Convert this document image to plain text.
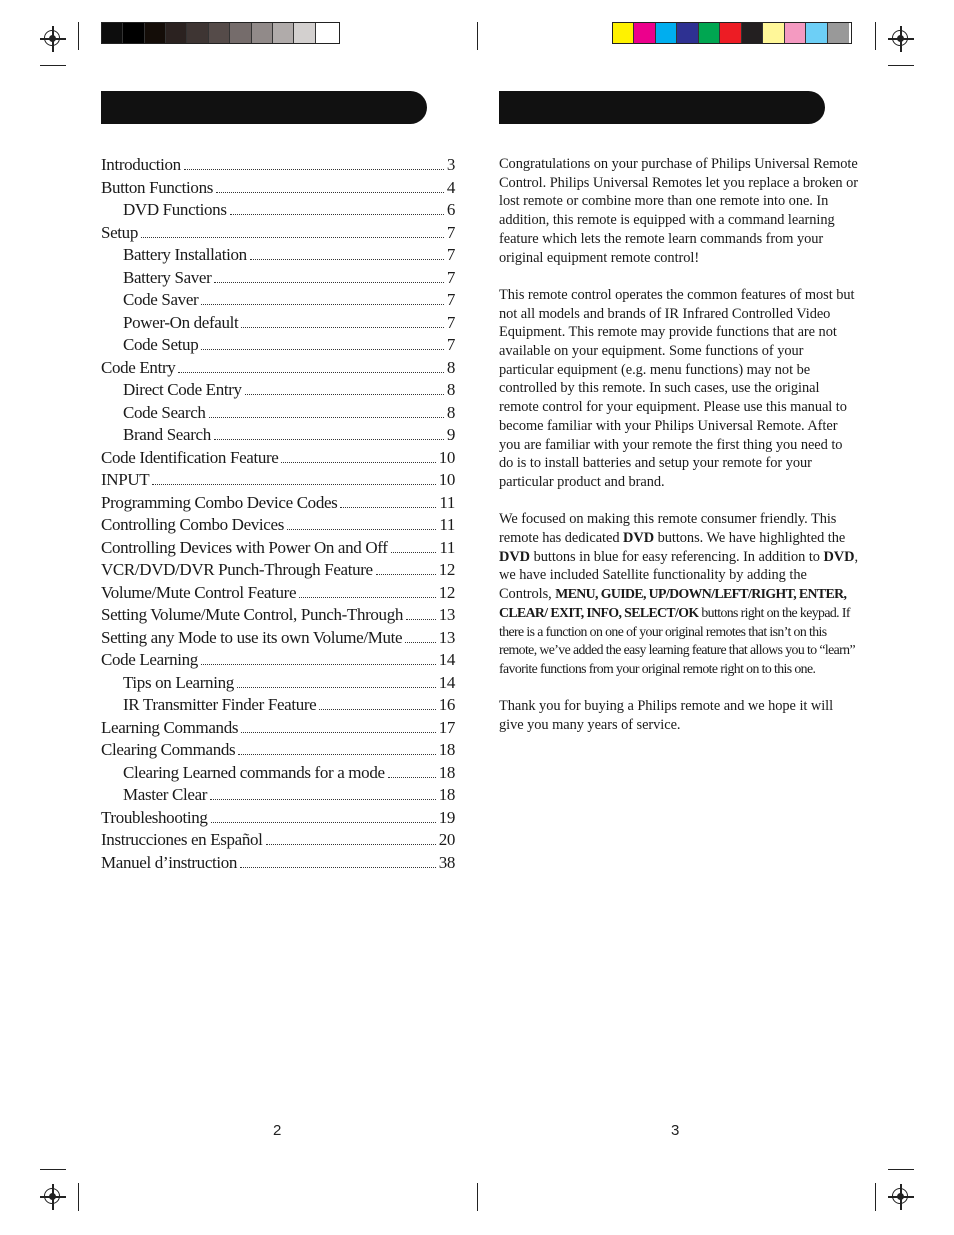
Introduction	3
Button Functions	4
DVD Functions	6
Setup	7
Battery Installation	7
Battery Saver	7
Code Saver	7
Power-On default	7
Code Setup	7
Code Entry	8
Direct Code Entry	8
Code Search	8
Brand Search	9
Code Identification Feature	10
INPUT	10
Programming Combo Device Codes	11
Controlling Combo Devices	11
Controlling Devices with Power On and Off	11
VCR/DVD/DVR Punch-Through Feature	12
Volume/Mute Control Feature	12
Setting Volume/Mute Control, Punch-Through 13
Setting any Mode to use its own Volume/Mute 13
Code Learning	14
Tips on Learning	14
IR Transmitter Finder Feature	16
Learning Commands	17
Clearing Commands	18
Clearing Learned commands for a mode	18
Master Clear	18
Troubleshooting	19
Instrucciones en Español	20
Manuel d’instruction	38

Congratulations on your purchase of Philips Universal Remote Control. Philips Universal Remotes let you replace a broken or lost remote or combine more than one remote into one. In addition, this remote is equipped with a command learning feature which lets the remote learn commands from your original equipment remote control!

This remote control operates the common features of most but not all models and brands of IR Infrared Controlled Video Equipment. This remote may provide functions that are not available on your equipment. Some functions of your particular equipment (e.g. menu functions) may not be controlled by this remote. In such cases, use the original remote control for your equipment. Please use this manual to become familiar with your Philips Universal Remote. After you are familiar with your remote the first thing you need to do is to install batteries and setup your remote for your particular product and brand.

We focused on making this remote consumer friendly. This remote has dedicated DVD buttons. We have highlighted the DVD buttons in blue for easy referencing. In addition to DVD, we have included Satellite functionality by adding the Controls, MENU, GUIDE, UP/DOWN/LEFT/RIGHT, ENTER, CLEAR/ EXIT, INFO, SELECT/OK buttons right on the keypad. If there is a function on one of your original remotes that isn’t on this remote, we’ve added the easy learning feature that allows you to “learn” favorite functions from your original remote right on to this one.

Thank you for buying a Philips remote and we hope it will give you many years of service.

2	3
